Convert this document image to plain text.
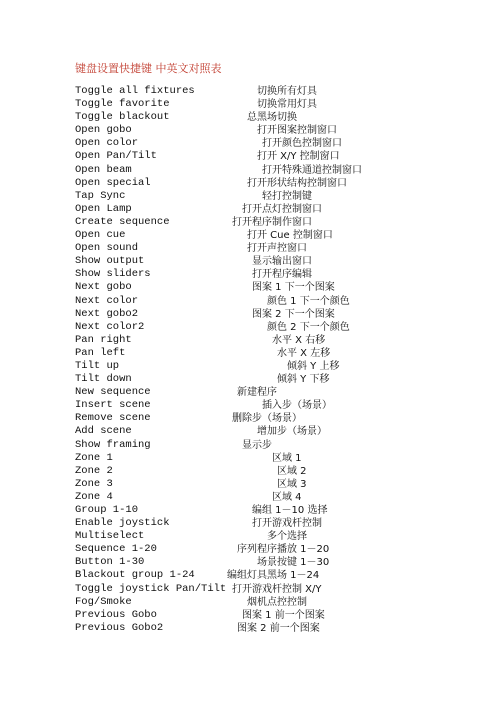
键盘设置快捷键 中英文对照表
Toggle all fixtures	切换所有灯具
Toggle favorite	切换常用灯具
Toggle blackout	总黑场切换
Open gobo	打开图案控制窗口
Open color	打开颜色控制窗口
Open Pan/Tilt	打开 X/Y 控制窗口
Open beam	打开特殊通道控制窗口
Open special	打开形状结构控制窗口
Tap Sync	轻打控制键
Open Lamp	打开点灯控制窗口
Create sequence	打开程序制作窗口
Open cue	打开 Cue 控制窗口
Open sound	打开声控窗口
Show output	显示输出窗口
Show sliders	打开程序编辑
Next gobo	图案 1 下一个图案
Next color	颜色 1 下一个颜色
Next gobo2	图案 2 下一个图案
Next color2	颜色 2 下一个颜色
Pan right	水平 X 右移
Pan left	水平 X 左移
Tilt up	倾斜 Y 上移
Tilt down	倾斜 Y 下移
New sequence	新建程序
Insert scene	插入步（场景）
Remove scene	删除步（场景）
Add scene	增加步（场景）
Show framing	显示步
Zone 1	区域 1
Zone 2	区域 2
Zone 3	区域 3
Zone 4	区域 4
Group 1-10	编组 1－10 选择
Enable joystick	打开游戏杆控制
Multiselect	多个选择
Sequence 1-20	序列程序播放 1－20
Button 1-30	场景按键 1－30
Blackout group 1-24	编组灯具黑场 1－24
Toggle joystick Pan/Tilt 打开游戏杆控制 X/Y
Fog/Smoke	烟机点控控制
Previous Gobo	图案 1 前一个图案
Previous Gobo2	图案 2 前一个图案
